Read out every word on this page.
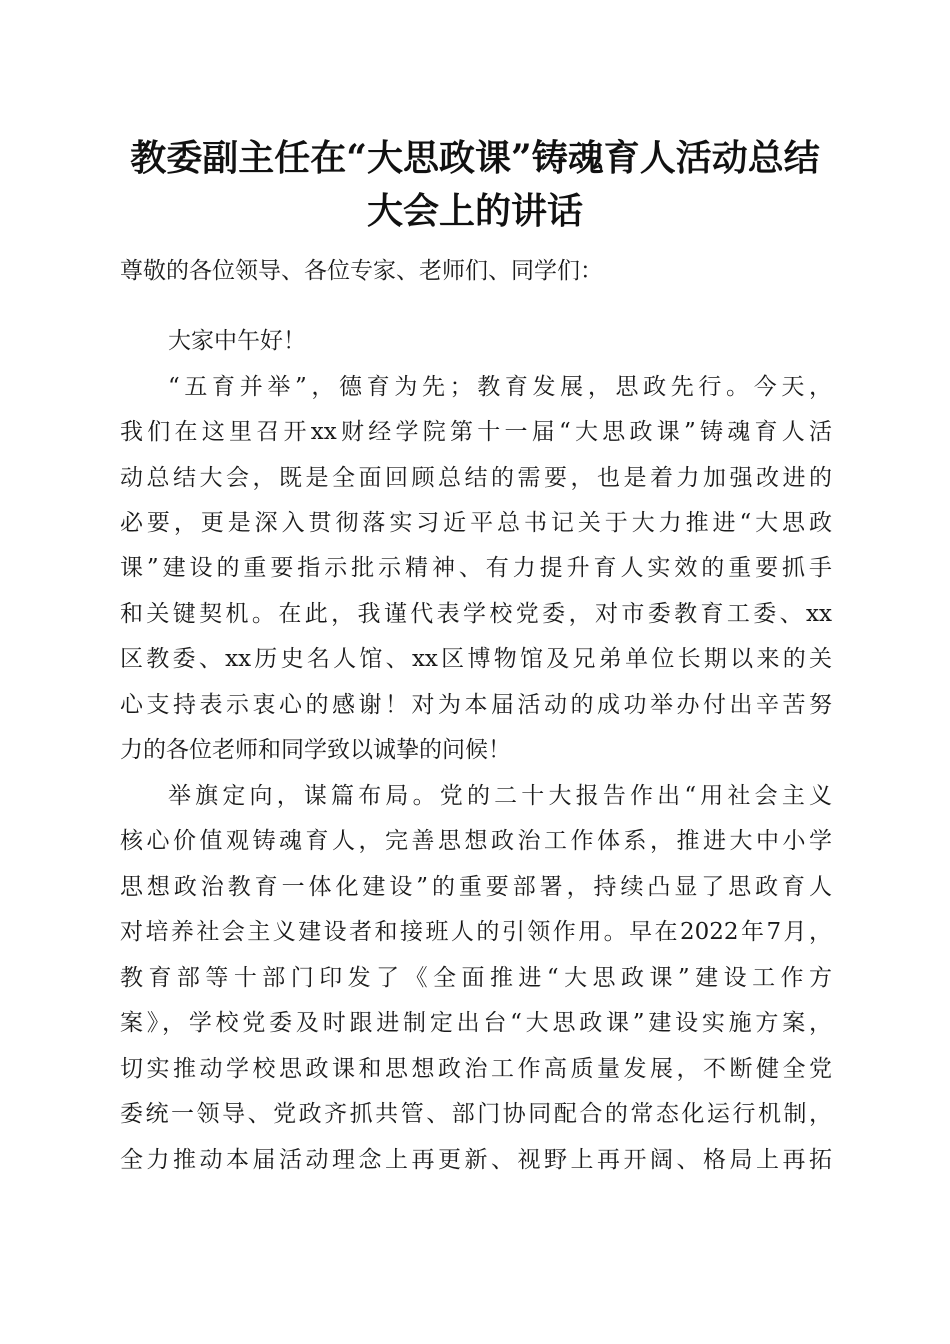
教委副主任在“大思政课”铸魂育人活动总结
大会上的讲话

尊敬的各位领导、各位专家、老师们、同学们：

大家中午好！

“五育并举”，德育为先；教育发展，思政先行。今天，

我们在这里召开xx财经学院第十一届“大思政课”铸魂育人活

动总结大会，既是全面回顾总结的需要，也是着力加强改进的

必要，更是深入贯彻落实习近平总书记关于大力推进“大思政

课”建设的重要指示批示精神、有力提升育人实效的重要抓手

和关键契机。在此，我谨代表学校党委，对市委教育工委、xx

区教委、xx历史名人馆、xx区博物馆及兄弟单位长期以来的关

心支持表示衷心的感谢！对为本届活动的成功举办付出辛苦努

力的各位老师和同学致以诚挚的问候！

举旗定向，谋篇布局。党的二十大报告作出“用社会主义

核心价值观铸魂育人，完善思想政治工作体系，推进大中小学

思想政治教育一体化建设”的重要部署，持续凸显了思政育人

对培养社会主义建设者和接班人的引领作用。早在2022年7月，

教育部等十部门印发了《全面推进“大思政课”建设工作方

案》，学校党委及时跟进制定出台“大思政课”建设实施方案，

切实推动学校思政课和思想政治工作高质量发展，不断健全党

委统一领导、党政齐抓共管、部门协同配合的常态化运行机制，

全力推动本届活动理念上再更新、视野上再开阔、格局上再拓
